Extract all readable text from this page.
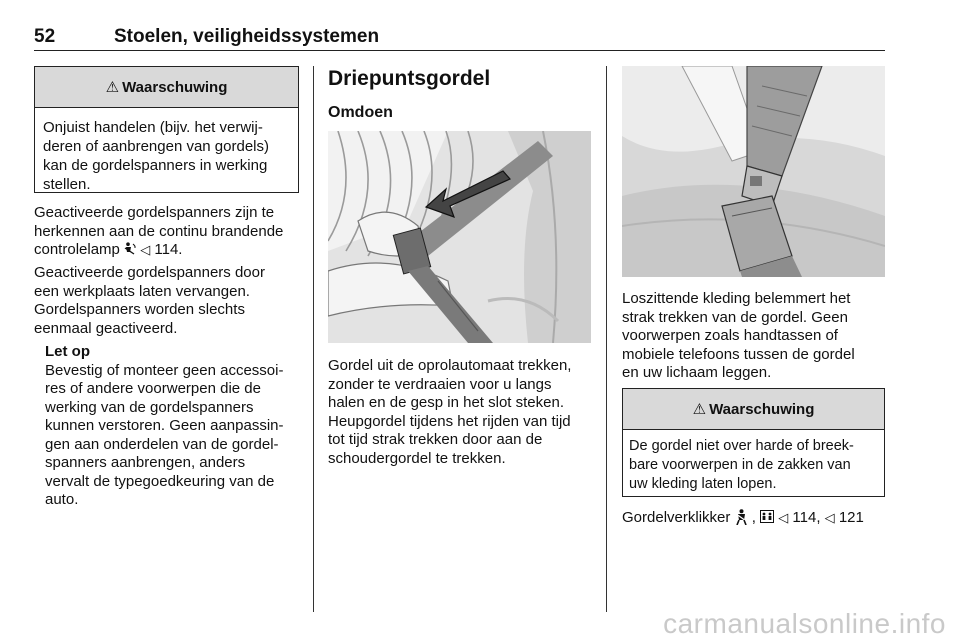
52	Stoelen, veiligheidssystemen
⚠ Waarschuwing
Onjuist handelen (bijv. het verwij-
deren of aanbrengen van gordels)
kan de gordelspanners in werking
stellen.
Geactiveerde gordelspanners zijn te
herkennen aan de continu brandende
controlelamp ◁ 114.
Geactiveerde gordelspanners door
een werkplaats laten vervangen.
Gordelspanners worden slechts
eenmaal geactiveerd.
Let op
Bevestig of monteer geen accessoi-
res of andere voorwerpen die de
werking van de gordelspanners
kunnen verstoren. Geen aanpassin-
gen aan onderdelen van de gordel-
spanners aanbrengen, anders
vervalt de typegoedkeuring van de
auto.
Driepuntsgordel
Omdoen
Gordel uit de oprolautomaat trekken,
zonder te verdraaien voor u langs
halen en de gesp in het slot steken.
Heupgordel tijdens het rijden van tijd
tot tijd strak trekken door aan de
schoudergordel te trekken.
Loszittende kleding belemmert het
strak trekken van de gordel. Geen
voorwerpen zoals handtassen of
mobiele telefoons tussen de gordel
en uw lichaam leggen.
⚠ Waarschuwing
De gordel niet over harde of breek-
bare voorwerpen in de zakken van
uw kleding laten lopen.
Gordelverklikker , ◁ 114, ◁ 121
carmanualsonline.info
